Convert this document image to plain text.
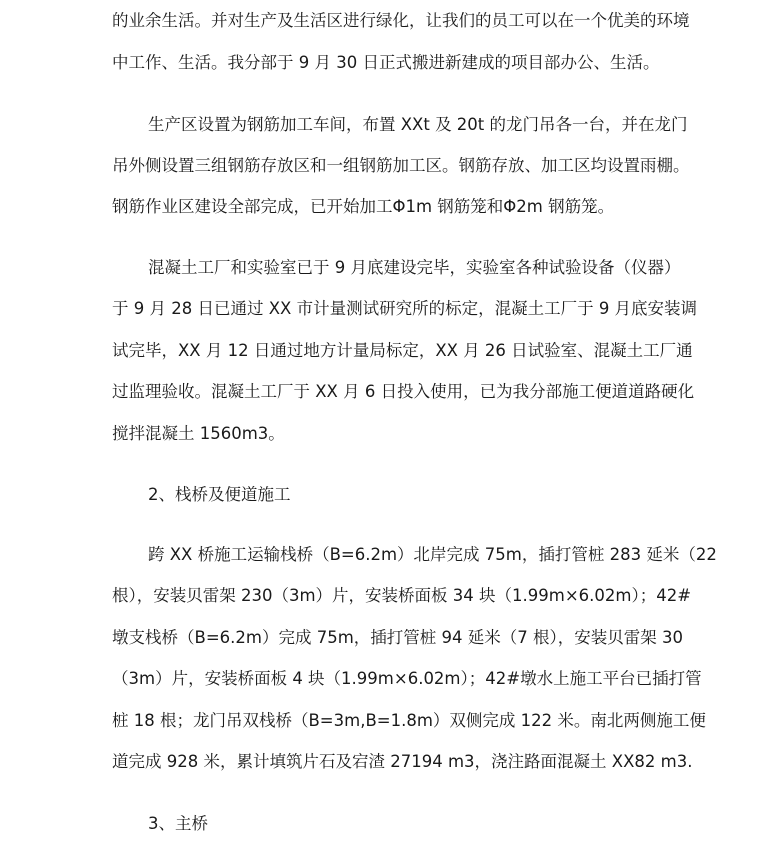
的业余生活。并对生产及生活区进行绿化，让我们的员工可以在一个优美的环境
中工作、生活。我分部于 9 月 30 日正式搬进新建成的项目部办公、生活。
生产区设置为钢筋加工车间，布置 XXt 及 20t 的龙门吊各一台，并在龙门
吊外侧设置三组钢筋存放区和一组钢筋加工区。钢筋存放、加工区均设置雨棚。
钢筋作业区建设全部完成，已开始加工Φ1m 钢筋笼和Φ2m 钢筋笼。
混凝土工厂和实验室已于 9 月底建设完毕，实验室各种试验设备（仪器）
于 9 月 28 日已通过 XX 市计量测试研究所的标定，混凝土工厂于 9 月底安装调
试完毕，XX 月 12 日通过地方计量局标定，XX 月 26 日试验室、混凝土工厂通
过监理验收。混凝土工厂于 XX 月 6 日投入使用，已为我分部施工便道道路硬化
搅拌混凝土 1560m3。
2、栈桥及便道施工
跨 XX 桥施工运输栈桥（B=6.2m）北岸完成 75m，插打管桩 283 延米（22
根），安装贝雷架 230（3m）片，安装桥面板 34 块（1.99m×6.02m）；42#
墩支栈桥（B=6.2m）完成 75m，插打管桩 94 延米（7 根），安装贝雷架 30
（3m）片，安装桥面板 4 块（1.99m×6.02m）；42#墩水上施工平台已插打管
桩 18 根；龙门吊双栈桥（B=3m,B=1.8m）双侧完成 122 米。南北两侧施工便
道完成 928 米，累计填筑片石及宕渣 27194 m3，浇注路面混凝土 XX82 m3.
3、主桥
